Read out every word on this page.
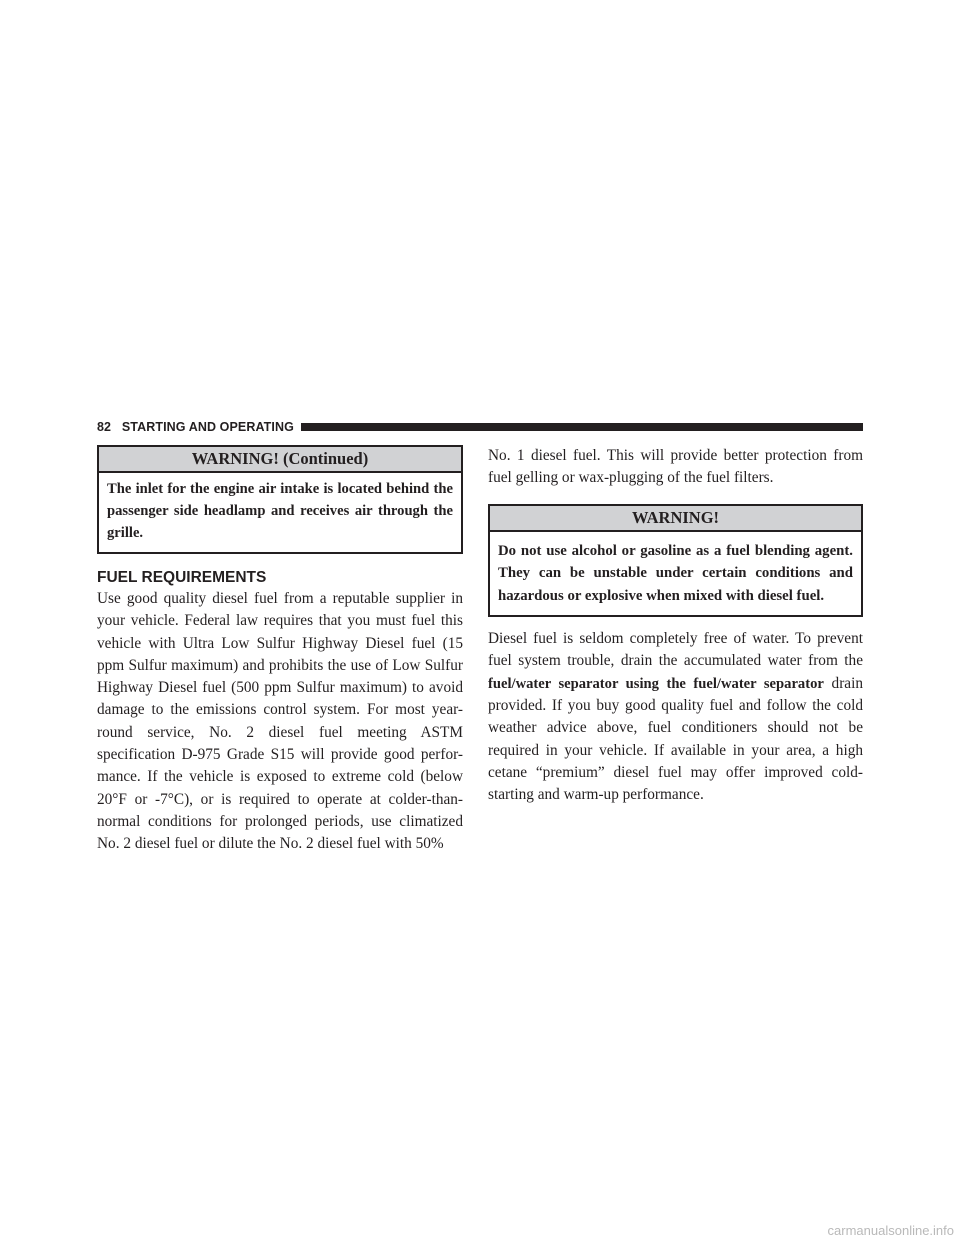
82 STARTING AND OPERATING
WARNING! (Continued)
The inlet for the engine air intake is located behind the passenger side headlamp and receives air through the grille.
FUEL REQUIREMENTS

Use good quality diesel fuel from a reputable supplier in your vehicle. Federal law requires that you must fuel this vehicle with Ultra Low Sulfur Highway Diesel fuel (15 ppm Sulfur maximum) and prohibits the use of Low Sulfur Highway Diesel fuel (500 ppm Sulfur maximum) to avoid damage to the emissions control system. For most year-round service, No. 2 diesel fuel meeting ASTM specification D-975 Grade S15 will provide good perfor-mance. If the vehicle is exposed to extreme cold (below 20°F or -7°C), or is required to operate at colder-than-normal conditions for prolonged periods, use climatized No. 2 diesel fuel or dilute the No. 2 diesel fuel with 50%

No. 1 diesel fuel. This will provide better protection from fuel gelling or wax-plugging of the fuel filters.

WARNING!
Do not use alcohol or gasoline as a fuel blending agent. They can be unstable under certain conditions and hazardous or explosive when mixed with diesel fuel.

Diesel fuel is seldom completely free of water. To prevent fuel system trouble, drain the accumulated water from the fuel/water separator using the fuel/water separator drain provided. If you buy good quality fuel and follow the cold weather advice above, fuel conditioners should not be required in your vehicle. If available in your area, a high cetane “premium” diesel fuel may offer improved cold-starting and warm-up performance.

carmanualsonline.info
